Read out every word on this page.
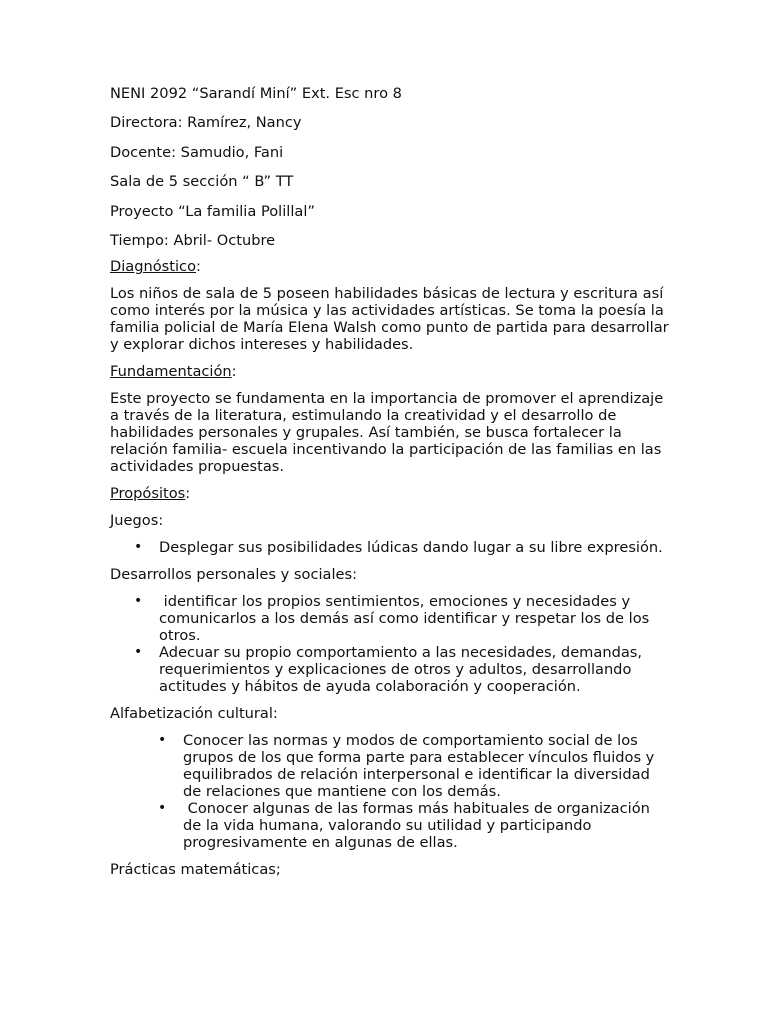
NENI 2092 “Sarandí Miní” Ext. Esc nro 8

Directora: Ramírez, Nancy

Docente: Samudio, Fani

Sala de 5 sección “ B” TT

Proyecto “La familia Polillal”

Tiempo: Abril- Octubre

Diagnóstico:

Los niños de sala de 5 poseen habilidades básicas de lectura y escritura así como interés por la música y las actividades artísticas. Se toma la poesía la familia policial de María Elena Walsh como punto de partida para desarrollar y explorar dichos intereses y habilidades.

Fundamentación:

Este proyecto se fundamenta en la importancia de promover el aprendizaje a través de la literatura, estimulando la creatividad y el desarrollo de habilidades personales y grupales. Así también, se busca fortalecer la relación familia- escuela incentivando la participación de las familias en las actividades propuestas.

Propósitos:

Juegos:

• Desplegar sus posibilidades lúdicas dando lugar a su libre expresión.

Desarrollos personales y sociales:

• identificar los propios sentimientos, emociones y necesidades y comunicarlos a los demás así como identificar y respetar los de los otros.
• Adecuar su propio comportamiento a las necesidades, demandas, requerimientos y explicaciones de otros y adultos, desarrollando actitudes y hábitos de ayuda colaboración y cooperación.

Alfabetización cultural:

• Conocer las normas y modos de comportamiento social de los grupos de los que forma parte para establecer vínculos fluidos y equilibrados de relación interpersonal e identificar la diversidad de relaciones que mantiene con los demás.
• Conocer algunas de las formas más habituales de organización de la vida humana, valorando su utilidad y participando progresivamente en algunas de ellas.

Prácticas matemáticas;
